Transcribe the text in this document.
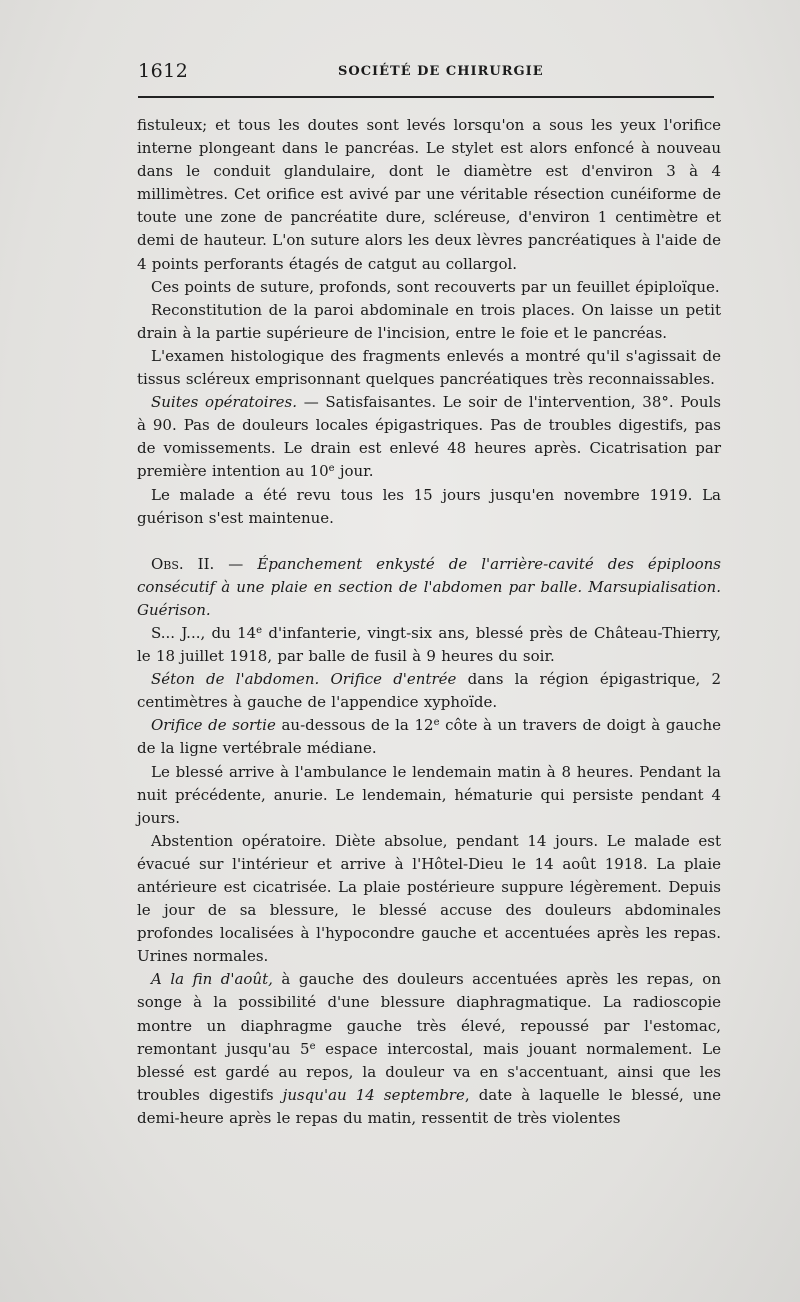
1612	SOCIÉTÉ DE CHIRURGIE

fistuleux; et tous les doutes sont levés lorsqu'on a sous les yeux l'orifice interne plongeant dans le pancréas. Le stylet est alors enfoncé à nouveau dans le conduit glandulaire, dont le diamètre est d'environ 3 à 4 millimètres. Cet orifice est avivé par une véritable résection cunéiforme de toute une zone de pancréatite dure, scléreuse, d'environ 1 centimètre et demi de hauteur. L'on suture alors les deux lèvres pancréatiques à l'aide de 4 points perforants étagés de catgut au collargol.

Ces points de suture, profonds, sont recouverts par un feuillet épiploïque.

Reconstitution de la paroi abdominale en trois places. On laisse un petit drain à la partie supérieure de l'incision, entre le foie et le pancréas.

L'examen histologique des fragments enlevés a montré qu'il s'agissait de tissus scléreux emprisonnant quelques pancréatiques très reconnaissables.

Suites opératoires. — Satisfaisantes. Le soir de l'intervention, 38°. Pouls à 90. Pas de douleurs locales épigastriques. Pas de troubles digestifs, pas de vomissements. Le drain est enlevé 48 heures après. Cicatrisation par première intention au 10e jour.

Le malade a été revu tous les 15 jours jusqu'en novembre 1919. La guérison s'est maintenue.

Obs. II. — Épanchement enkysté de l'arrière-cavité des épiploons consécutif à une plaie en section de l'abdomen par balle. Marsupialisation. Guérison.

S... J..., du 14e d'infanterie, vingt-six ans, blessé près de Château-Thierry, le 18 juillet 1918, par balle de fusil à 9 heures du soir.

Séton de l'abdomen. Orifice d'entrée dans la région épigastrique, 2 centimètres à gauche de l'appendice xyphoïde.

Orifice de sortie au-dessous de la 12e côte à un travers de doigt à gauche de la ligne vertébrale médiane.

Le blessé arrive à l'ambulance le lendemain matin à 8 heures. Pendant la nuit précédente, anurie. Le lendemain, hématurie qui persiste pendant 4 jours.

Abstention opératoire. Diète absolue, pendant 14 jours. Le malade est évacué sur l'intérieur et arrive à l'Hôtel-Dieu le 14 août 1918. La plaie antérieure est cicatrisée. La plaie postérieure suppure légèrement. Depuis le jour de sa blessure, le blessé accuse des douleurs abdominales profondes localisées à l'hypocondre gauche et accentuées après les repas. Urines normales.

A la fin d'août, à gauche des douleurs accentuées après les repas, on songe à la possibilité d'une blessure diaphragmatique. La radioscopie montre un diaphragme gauche très élevé, repoussé par l'estomac, remontant jusqu'au 5e espace intercostal, mais jouant normalement. Le blessé est gardé au repos, la douleur va en s'accentuant, ainsi que les troubles digestifs jusqu'au 14 septembre, date à laquelle le blessé, une demi-heure après le repas du matin, ressentit de très violentes
